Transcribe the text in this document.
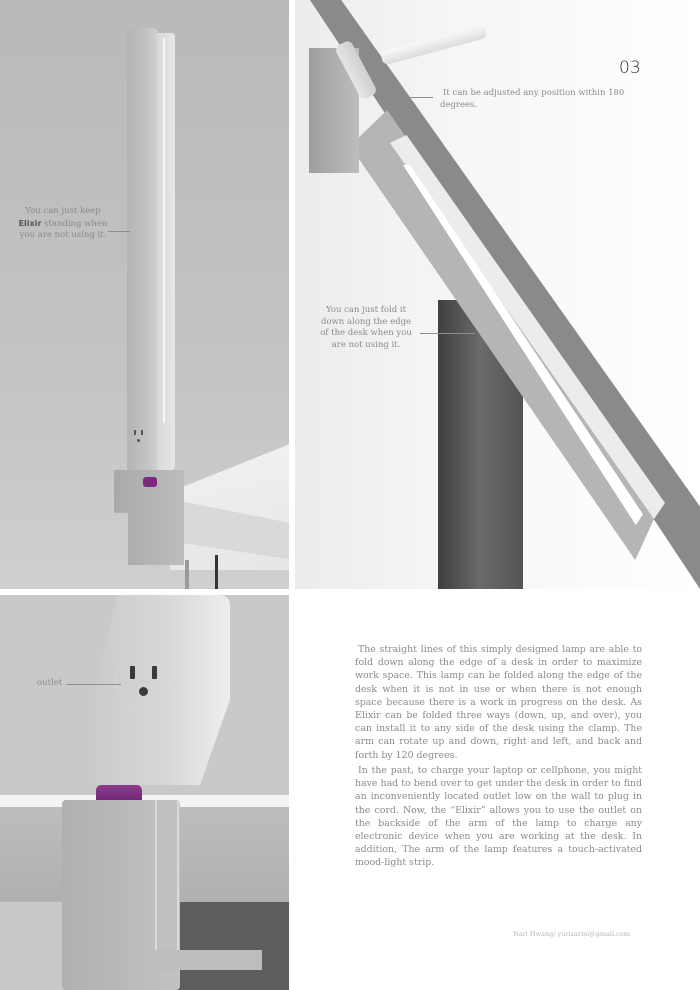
You can just keep
Elixir standing when
you are not using it.
It can be adjusted any position within 180
degrees.
You can just fold it
down along the edge
of the desk when you
are not using it.
03
outlet
The straight lines of this simply designed lamp are able to fold down along the edge of a desk in order to maximize work space. This lamp can be folded along the edge of the desk when it is not in use or when there is not enough space because there is a work in progress on the desk. As Elixir can be folded three ways (down, up, and over), you can install it to any side of the desk using the clamp. The arm can rotate up and down, right and left, and back and forth by 120 degrees.
In the past, to charge your laptop or cellphone, you might have had to bend over to get under the desk in order to find an inconveniently located outlet low on the wall to plug in the cord. Now, the “Elixir” allows you to use the outlet on the backside of the arm of the lamp to charge any electronic device when you are working at the desk. In addition, The arm of the lamp features a touch-activated mood-light strip.
Nari Hwang/ yurizarmi@gmail.com
